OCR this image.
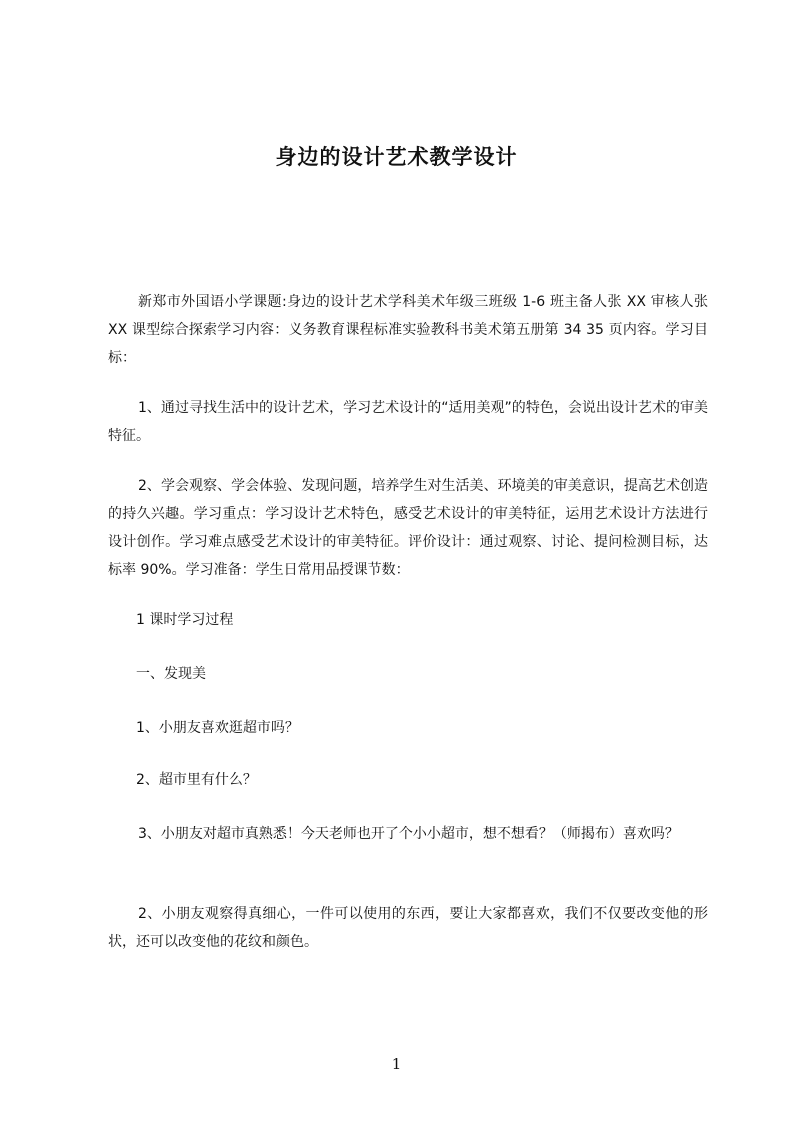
身边的设计艺术教学设计

新郑市外国语小学课题:身边的设计艺术学科美术年级三班级 1-6 班主备人张 XX 审核人张 XX 课型综合探索学习内容：义务教育课程标准实验教科书美术第五册第 34 35 页内容。学习目标：

1、通过寻找生活中的设计艺术，学习艺术设计的“适用美观”的特色，会说出设计艺术的审美特征。

2、学会观察、学会体验、发现问题，培养学生对生活美、环境美的审美意识，提高艺术创造的持久兴趣。学习重点：学习设计艺术特色，感受艺术设计的审美特征，运用艺术设计方法进行设计创作。学习难点感受艺术设计的审美特征。评价设计：通过观察、讨论、提问检测目标，达标率 90%。学习准备：学生日常用品授课节数：

1 课时学习过程

一、发现美

1、小朋友喜欢逛超市吗？

2、超市里有什么？

3、小朋友对超市真熟悉！今天老师也开了个小小超市，想不想看？（师揭布）喜欢吗？

2、小朋友观察得真细心，一件可以使用的东西，要让大家都喜欢，我们不仅要改变他的形状，还可以改变他的花纹和颜色。

1
